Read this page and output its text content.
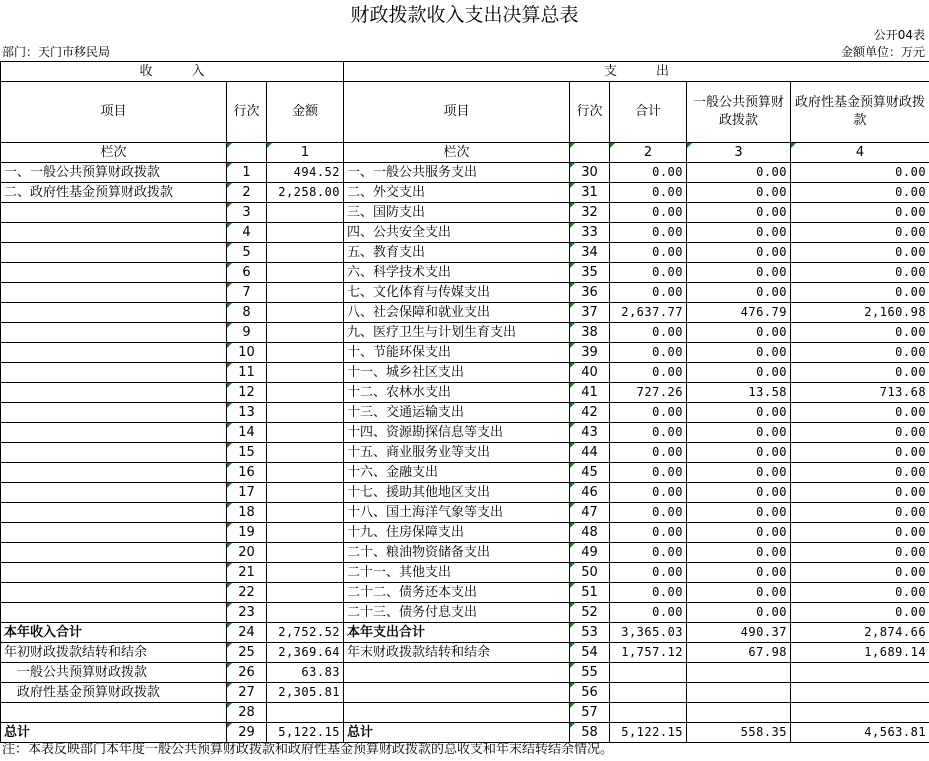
财政拨款收入支出决算总表
公开04表
部门：天门市移民局	金额单位：万元
收　　　入			支　　　出				
项目	行次	金额	项目	行次	合计	一般公共预算财政拨款	政府性基金预算财政拨款
栏次		1	栏次		2	3	4
一、一般公共预算财政拨款	1	494.52	一、一般公共服务支出	30	0.00	0.00	0.00
二、政府性基金预算财政拨款	2	2,258.00	二、外交支出	31	0.00	0.00	0.00
	3		三、国防支出	32	0.00	0.00	0.00
	4		四、公共安全支出	33	0.00	0.00	0.00
	5		五、教育支出	34	0.00	0.00	0.00
	6		六、科学技术支出	35	0.00	0.00	0.00
	7		七、文化体育与传媒支出	36	0.00	0.00	0.00
	8		八、社会保障和就业支出	37	2,637.77	476.79	2,160.98
	9		九、医疗卫生与计划生育支出	38	0.00	0.00	0.00
	10		十、节能环保支出	39	0.00	0.00	0.00
	11		十一、城乡社区支出	40	0.00	0.00	0.00
	12		十二、农林水支出	41	727.26	13.58	713.68
	13		十三、交通运输支出	42	0.00	0.00	0.00
	14		十四、资源勘探信息等支出	43	0.00	0.00	0.00
	15		十五、商业服务业等支出	44	0.00	0.00	0.00
	16		十六、金融支出	45	0.00	0.00	0.00
	17		十七、援助其他地区支出	46	0.00	0.00	0.00
	18		十八、国土海洋气象等支出	47	0.00	0.00	0.00
	19		十九、住房保障支出	48	0.00	0.00	0.00
	20		二十、粮油物资储备支出	49	0.00	0.00	0.00
	21		二十一、其他支出	50	0.00	0.00	0.00
	22		二十二、债务还本支出	51	0.00	0.00	0.00
	23		二十三、债务付息支出	52	0.00	0.00	0.00
本年收入合计	24	2,752.52	本年支出合计	53	3,365.03	490.37	2,874.66
年初财政拨款结转和结余	25	2,369.64	年末财政拨款结转和结余	54	1,757.12	67.98	1,689.14
一般公共预算财政拨款	26	63.83		55			
政府性基金预算财政拨款	27	2,305.81		56			
	28			57			
总计	29	5,122.15	总计	58	5,122.15	558.35	4,563.81
注：本表反映部门本年度一般公共预算财政拨款和政府性基金预算财政拨款的总收支和年末结转结余情况。
